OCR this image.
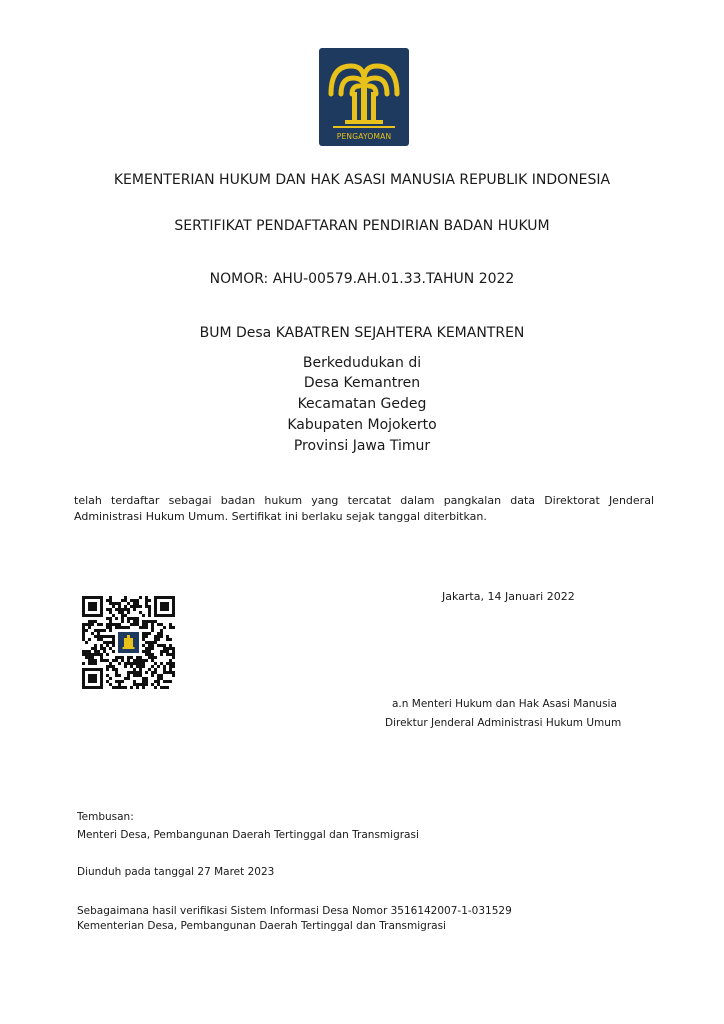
PENGAYOMAN
KEMENTERIAN HUKUM DAN HAK ASASI MANUSIA REPUBLIK INDONESIA
SERTIFIKAT PENDAFTARAN PENDIRIAN BADAN HUKUM
NOMOR: AHU-00579.AH.01.33.TAHUN 2022
BUM Desa KABATREN SEJAHTERA KEMANTREN
Berkedudukan di
Desa Kemantren
Kecamatan Gedeg
Kabupaten Mojokerto
Provinsi Jawa Timur
telah terdaftar sebagai badan hukum yang tercatat dalam pangkalan data Direktorat Jenderal
Administrasi Hukum Umum. Sertifikat ini berlaku sejak tanggal diterbitkan.
Jakarta, 14 Januari 2022
a.n Menteri Hukum dan Hak Asasi Manusia
Direktur Jenderal Administrasi Hukum Umum
Tembusan:
Menteri Desa, Pembangunan Daerah Tertinggal dan Transmigrasi
Diunduh pada tanggal 27 Maret 2023
Sebagaimana hasil verifikasi Sistem Informasi Desa Nomor 3516142007-1-031529
Kementerian Desa, Pembangunan Daerah Tertinggal dan Transmigrasi
